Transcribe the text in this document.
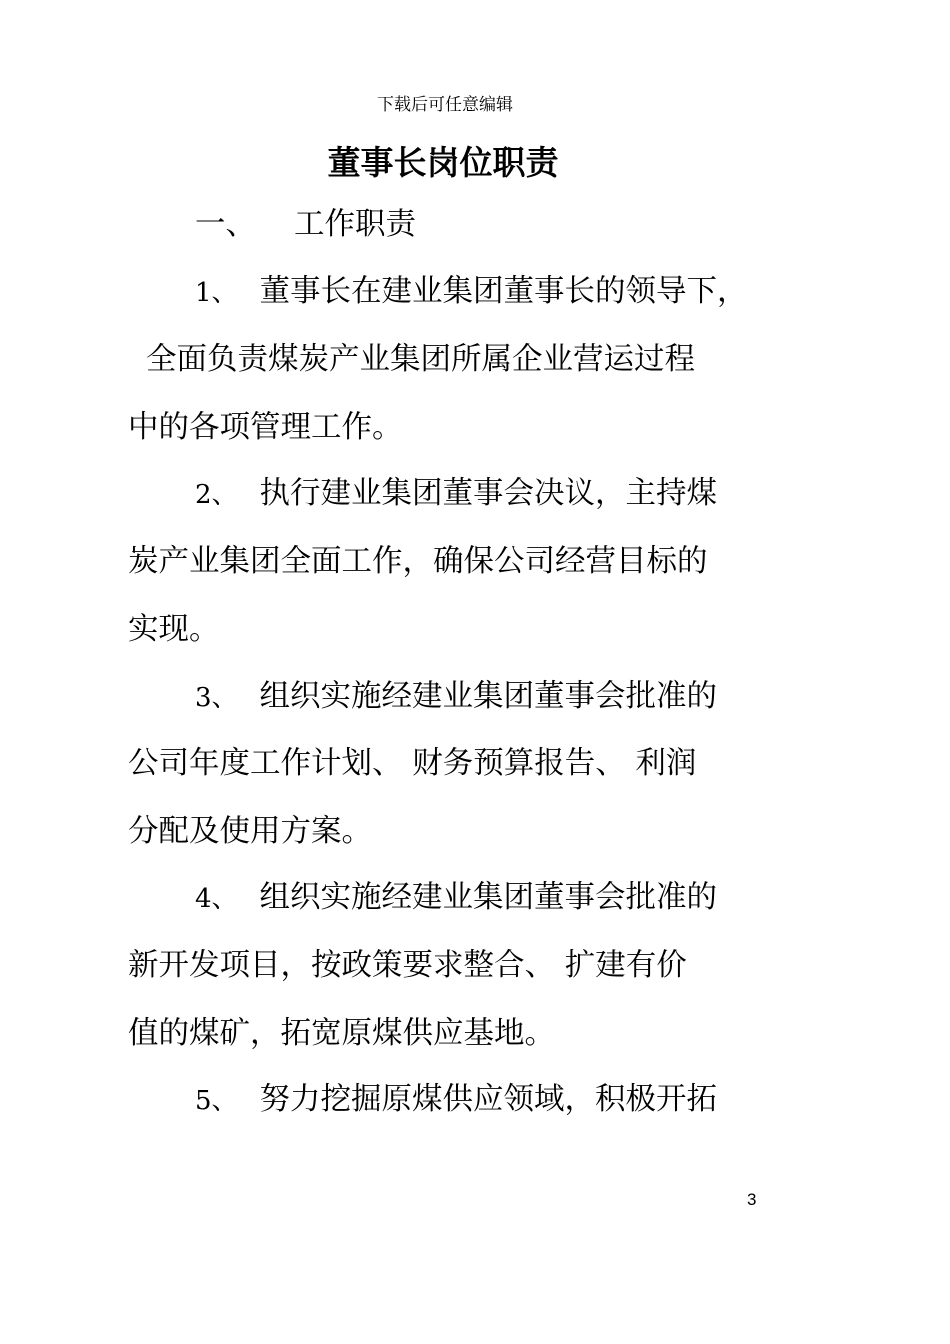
下载后可任意编辑
董事长岗位职责
一、 工作职责
1、 董事长在建业集团董事长的领导下，
全面负责煤炭产业集团所属企业营运过程
中的各项管理工作。
2、 执行建业集团董事会决议，主持煤
炭产业集团全面工作，确保公司经营目标的
实现。
3、 组织实施经建业集团董事会批准的
公司年度工作计划、 财务预算报告、 利润
分配及使用方案。
4、 组织实施经建业集团董事会批准的
新开发项目，按政策要求整合、 扩建有价
值的煤矿，拓宽原煤供应基地。
5、 努力挖掘原煤供应领域，积极开拓
3
